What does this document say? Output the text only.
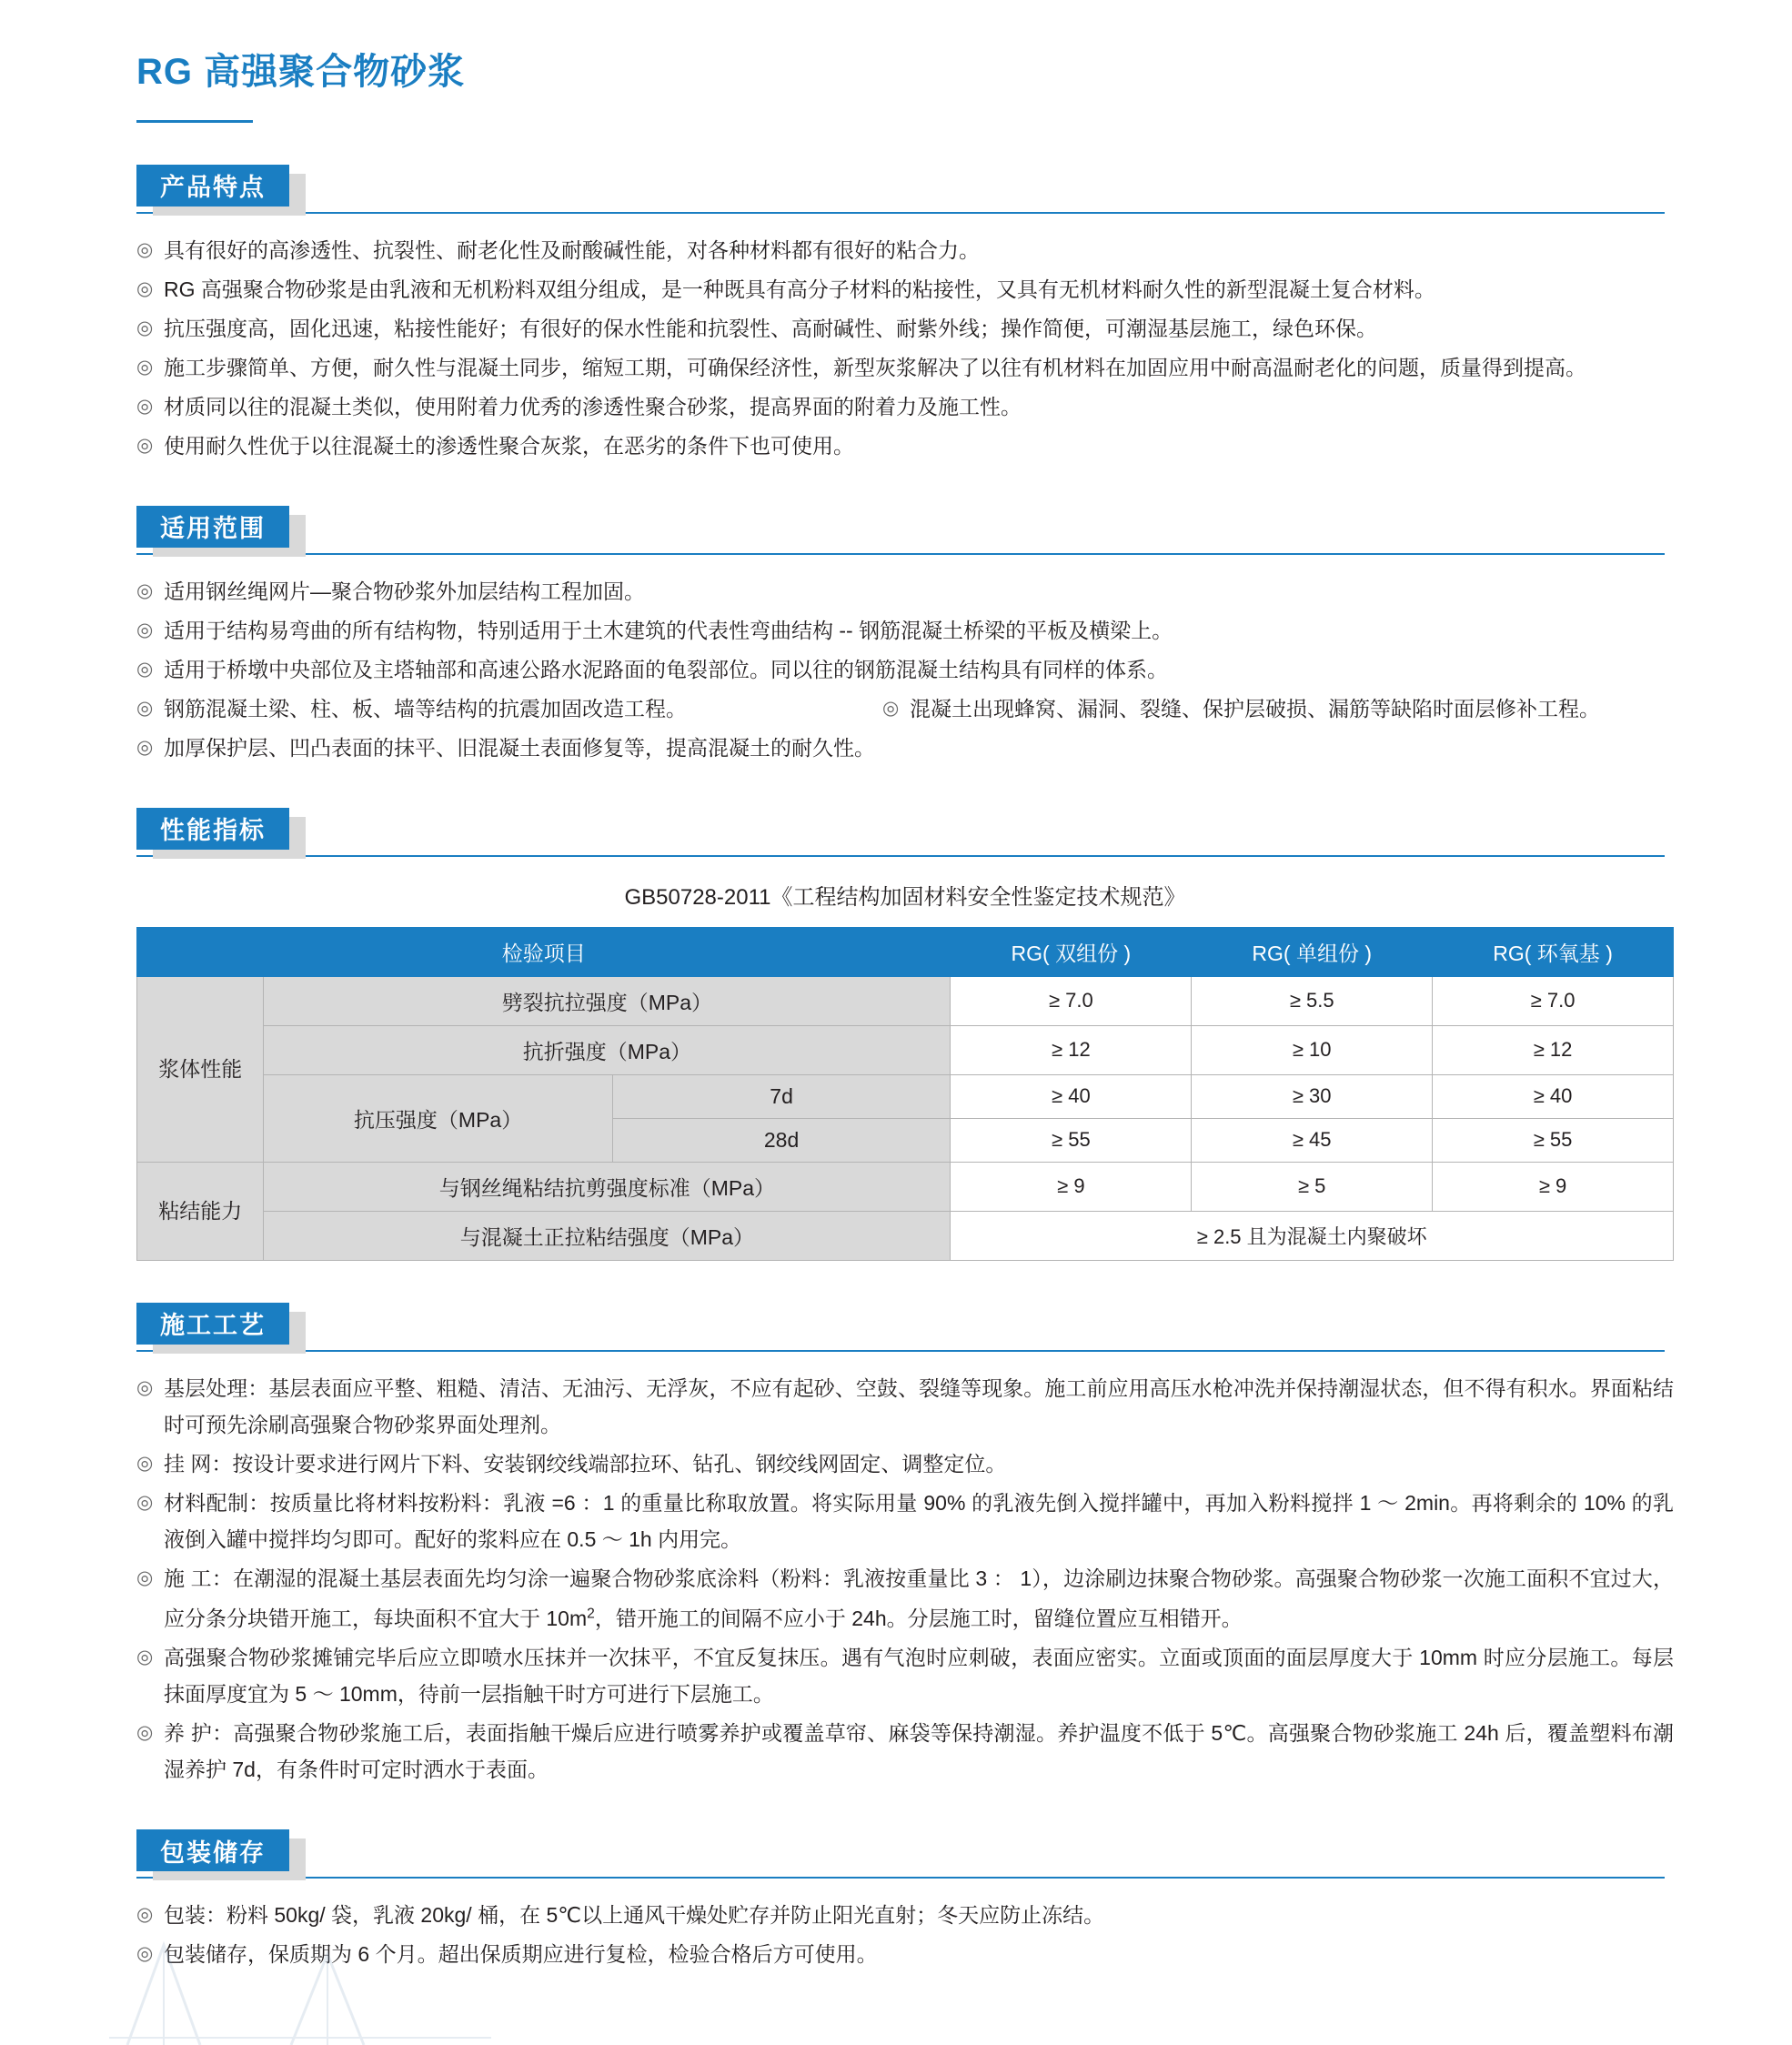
RG 高强聚合物砂浆
产品特点
◎ 具有很好的高渗透性、抗裂性、耐老化性及耐酸碱性能，对各种材料都有很好的粘合力。
◎ RG 高强聚合物砂浆是由乳液和无机粉料双组分组成，是一种既具有高分子材料的粘接性，又具有无机材料耐久性的新型混凝土复合材料。
◎ 抗压强度高，固化迅速，粘接性能好；有很好的保水性能和抗裂性、高耐碱性、耐紫外线；操作简便，可潮湿基层施工，绿色环保。
◎ 施工步骤简单、方便，耐久性与混凝土同步，缩短工期，可确保经济性，新型灰浆解决了以往有机材料在加固应用中耐高温耐老化的问题，质量得到提高。
◎ 材质同以往的混凝土类似，使用附着力优秀的渗透性聚合砂浆，提高界面的附着力及施工性。
◎ 使用耐久性优于以往混凝土的渗透性聚合灰浆，在恶劣的条件下也可使用。
适用范围
◎ 适用钢丝绳网片—聚合物砂浆外加层结构工程加固。
◎ 适用于结构易弯曲的所有结构物，特别适用于土木建筑的代表性弯曲结构 -- 钢筋混凝土桥梁的平板及横梁上。
◎ 适用于桥墩中央部位及主塔轴部和高速公路水泥路面的龟裂部位。同以往的钢筋混凝土结构具有同样的体系。
◎ 钢筋混凝土梁、柱、板、墙等结构的抗震加固改造工程。	◎ 混凝土出现蜂窝、漏洞、裂缝、保护层破损、漏筋等缺陷时面层修补工程。
◎ 加厚保护层、凹凸表面的抹平、旧混凝土表面修复等，提高混凝土的耐久性。
性能指标
GB50728-2011《工程结构加固材料安全性鉴定技术规范》
检验项目			RG( 双组份 )	RG( 单组份 )	RG( 环氧基 )
浆体性能	劈裂抗拉强度（MPa）		≥ 7.0	≥ 5.5	≥ 7.0
	抗折强度（MPa）		≥ 12	≥ 10	≥ 12
	抗压强度（MPa）	7d	≥ 40	≥ 30	≥ 40
		28d	≥ 55	≥ 45	≥ 55
粘结能力	与钢丝绳粘结抗剪强度标准（MPa）		≥ 9	≥ 5	≥ 9
	与混凝土正拉粘结强度（MPa）		≥ 2.5 且为混凝土内聚破坏		
施工工艺
◎ 基层处理：基层表面应平整、粗糙、清洁、无油污、无浮灰，不应有起砂、空鼓、裂缝等现象。施工前应用高压水枪冲洗并保持潮湿状态，但不得有积水。界面粘结时可预先涂刷高强聚合物砂浆界面处理剂。
◎ 挂 网：按设计要求进行网片下料、安装钢绞线端部拉环、钻孔、钢绞线网固定、调整定位。
◎ 材料配制：按质量比将材料按粉料：乳液 =6 ：1 的重量比称取放置。将实际用量 90% 的乳液先倒入搅拌罐中，再加入粉料搅拌 1 ～ 2min。再将剩余的 10% 的乳液倒入罐中搅拌均匀即可。配好的浆料应在 0.5 ～ 1h 内用完。
◎ 施 工：在潮湿的混凝土基层表面先均匀涂一遍聚合物砂浆底涂料（粉料：乳液按重量比 3 ： 1），边涂刷边抹聚合物砂浆。高强聚合物砂浆一次施工面积不宜过大，应分条分块错开施工，每块面积不宜大于 $10m^2$，错开施工的间隔不应小于 24h。分层施工时，留缝位置应互相错开。
◎ 高强聚合物砂浆摊铺完毕后应立即喷水压抹并一次抹平，不宜反复抹压。遇有气泡时应刺破，表面应密实。立面或顶面的面层厚度大于 10mm 时应分层施工。每层抹面厚度宜为 5 ～ 10mm，待前一层指触干时方可进行下层施工。
◎ 养 护：高强聚合物砂浆施工后，表面指触干燥后应进行喷雾养护或覆盖草帘、麻袋等保持潮湿。养护温度不低于 5℃。高强聚合物砂浆施工 24h 后，覆盖塑料布潮湿养护 7d，有条件时可定时洒水于表面。
包装储存
◎ 包装：粉料 50kg/ 袋，乳液 20kg/ 桶，在 5℃以上通风干燥处贮存并防止阳光直射；冬天应防止冻结。
◎ 包装储存，保质期为 6 个月。超出保质期应进行复检，检验合格后方可使用。
